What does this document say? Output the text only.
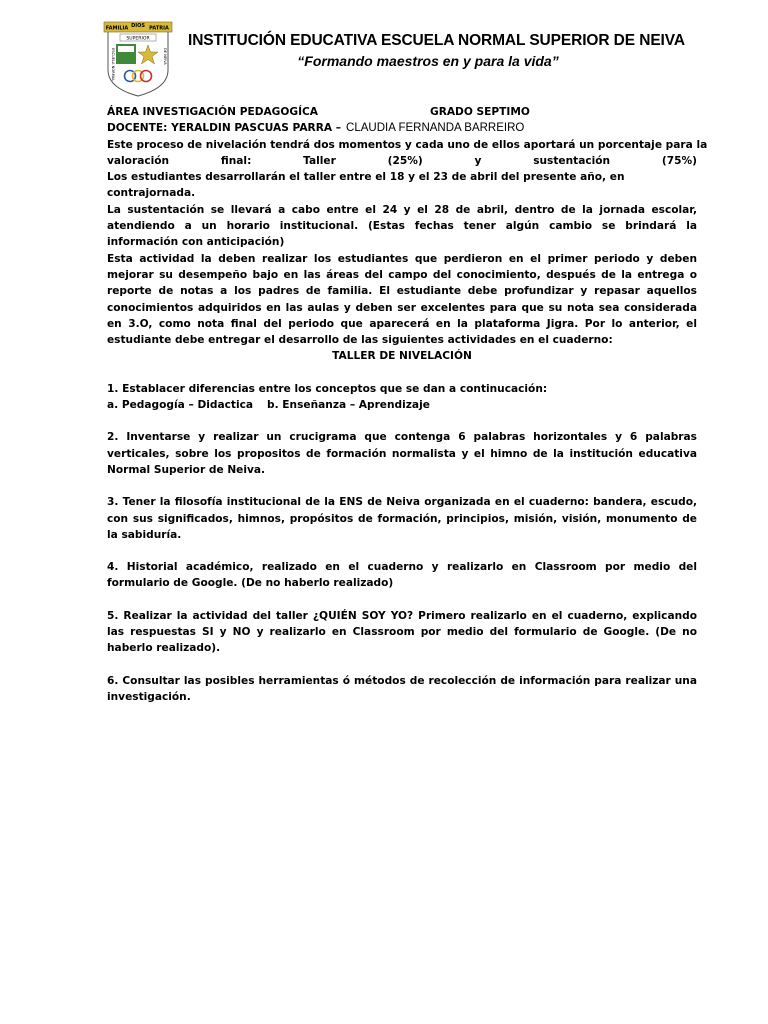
FAMILIA DIOS PATRIA
SUPERIOR
ESCUELA NORMAL	DE NEIVA
INSTITUCIÓN EDUCATIVA ESCUELA NORMAL SUPERIOR DE NEIVA
“Formando maestros en y para la vida”
ÁREA INVESTIGACIÓN PEDAGOGÍCA	GRADO SEPTIMO
DOCENTE: YERALDIN PASCUAS PARRA – CLAUDIA FERNANDA BARREIRO

Este proceso de nivelación tendrá dos momentos y cada uno de ellos aportará un porcentaje para la

valoración	final:	Taller	(25%)	y	sustentación	(75%)

Los estudiantes desarrollarán el taller entre el 18 y el 23 de abril del presente año, en contrajornada.

La sustentación se llevará a cabo entre el 24 y el 28 de abril, dentro de la jornada escolar, atendiendo a un horario institucional. (Estas fechas tener algún cambio se brindará la información con anticipación)

Esta actividad la deben realizar los estudiantes que perdieron en el primer periodo y deben mejorar su desempeño bajo en las áreas del campo del conocimiento, después de la entrega o reporte de notas a los padres de familia. El estudiante debe profundizar y repasar aquellos conocimientos adquiridos en las aulas y deben ser excelentes para que su nota sea considerada en 3.O, como nota final del periodo que aparecerá en la plataforma Jigra. Por lo anterior, el estudiante debe entregar el desarrollo de las siguientes actividades en el cuaderno:

TALLER DE NIVELACIÓN

1. Establacer diferencias entre los conceptos que se dan a continucación:

a. Pedagogía – Didactica b. Enseñanza – Aprendizaje

2. Inventarse y realizar un crucigrama que contenga 6 palabras horizontales y 6 palabras verticales, sobre los propositos de formación normalista y el himno de la institución educativa Normal Superior de Neiva.

3. Tener la filosofía institucional de la ENS de Neiva organizada en el cuaderno: bandera, escudo, con sus significados, himnos, propósitos de formación, principios, misión, visión, monumento de la sabiduría.

4. Historial académico, realizado en el cuaderno y realizarlo en Classroom por medio del formulario de Google. (De no haberlo realizado)

5. Realizar la actividad del taller ¿QUIÉN SOY YO? Primero realizarlo en el cuaderno, explicando las respuestas SI y NO y realizarlo en Classroom por medio del formulario de Google. (De no haberlo realizado).

6. Consultar las posibles herramientas ó métodos de recolección de información para realizar una investigación.
